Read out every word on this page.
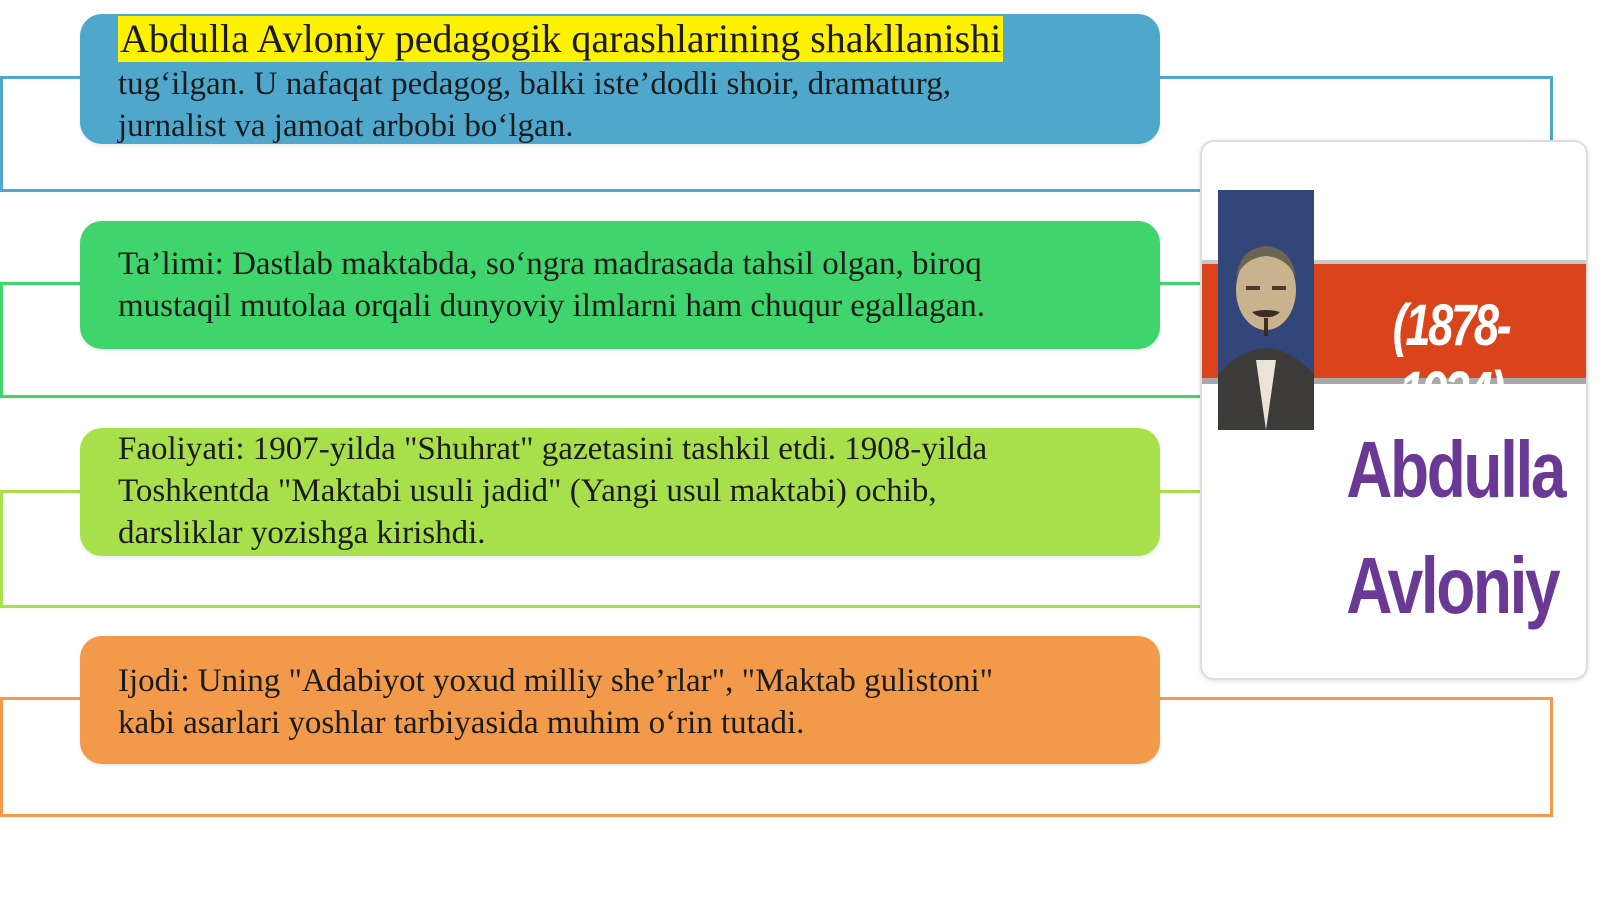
Abdulla Avloniy pedagogik qarashlarining shakllanishi

tug‘ilgan. U nafaqat pedagog, balki iste’dodli shoir, dramaturg,

jurnalist va jamoat arbobi bo‘lgan.

Ta’limi: Dastlab maktabda, so‘ngra madrasada tahsil olgan, biroq

mustaqil mutolaa orqali dunyoviy ilmlarni ham chuqur egallagan.

Faoliyati: 1907-yilda "Shuhrat" gazetasini tashkil etdi. 1908-yilda

Toshkentda "Maktabi usuli jadid" (Yangi usul maktabi) ochib,

darsliklar yozishga kirishdi.

Ijodi: Uning "Adabiyot yoxud milliy she’rlar", "Maktab gulistoni"

kabi asarlari yoshlar tarbiyasida muhim o‘rin tutadi.

(1878-1934)
Abdulla
Avloniy
